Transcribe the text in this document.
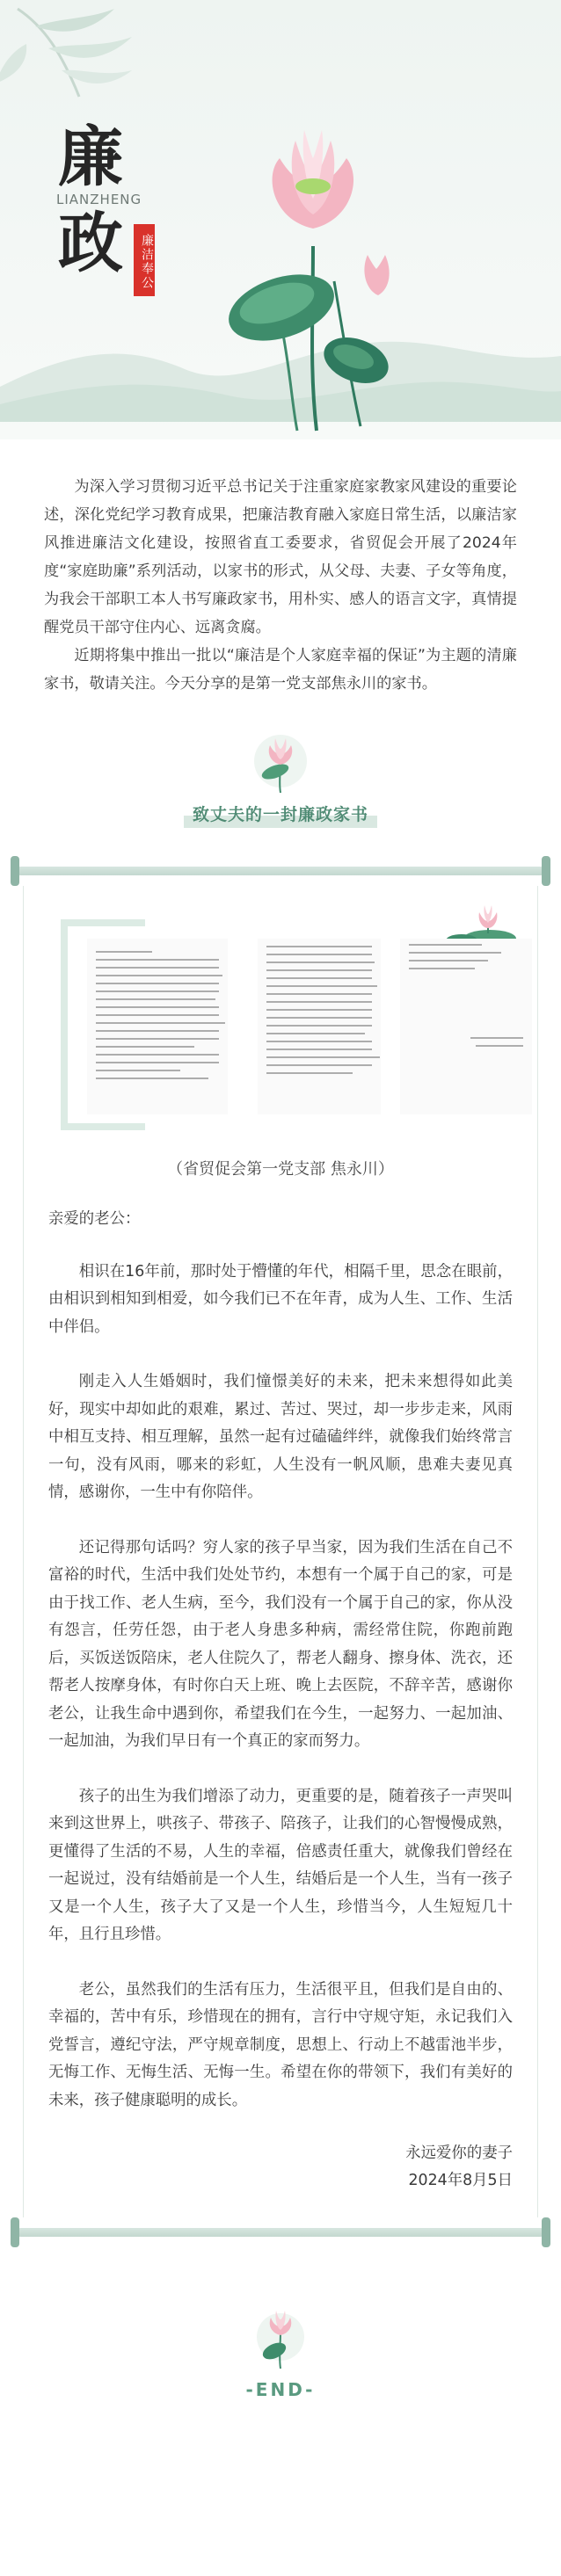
廉
LIANZHENG
政	廉洁奉公

为深入学习贯彻习近平总书记关于注重家庭家教家风建设的重要论述，深化党纪学习教育成果，把廉洁教育融入家庭日常生活，以廉洁家风推进廉洁文化建设，按照省直工委要求，省贸促会开展了2024年度“家庭助廉”系列活动，以家书的形式，从父母、夫妻、子女等角度，为我会干部职工本人书写廉政家书，用朴实、感人的语言文字，真情提醒党员干部守住内心、远离贪腐。

近期将集中推出一批以“廉洁是个人家庭幸福的保证”为主题的清廉家书，敬请关注。今天分享的是第一党支部焦永川的家书。

致丈夫的一封廉政家书
（省贸促会第一党支部 焦永川）
亲爱的老公：

相识在16年前，那时处于懵懂的年代，相隔千里，思念在眼前，由相识到相知到相爱，如今我们已不在年青，成为人生、工作、生活中伴侣。

刚走入人生婚姻时，我们憧憬美好的未来，把未来想得如此美好，现实中却如此的艰难，累过、苦过、哭过，却一步步走来，风雨中相互支持、相互理解，虽然一起有过磕磕绊绊，就像我们始终常言一句，没有风雨，哪来的彩虹，人生没有一帆风顺，患难夫妻见真情，感谢你，一生中有你陪伴。

还记得那句话吗？穷人家的孩子早当家，因为我们生活在自己不富裕的时代，生活中我们处处节约，本想有一个属于自己的家，可是由于找工作、老人生病，至今，我们没有一个属于自己的家，你从没有怨言，任劳任怨，由于老人身患多种病，需经常住院，你跑前跑后，买饭送饭陪床，老人住院久了，帮老人翻身、擦身体、洗衣，还帮老人按摩身体，有时你白天上班、晚上去医院，不辞辛苦，感谢你老公，让我生命中遇到你，希望我们在今生，一起努力、一起加油、一起加油，为我们早日有一个真正的家而努力。

孩子的出生为我们增添了动力，更重要的是，随着孩子一声哭叫来到这世界上，哄孩子、带孩子、陪孩子，让我们的心智慢慢成熟，更懂得了生活的不易，人生的幸福，倍感责任重大，就像我们曾经在一起说过，没有结婚前是一个人生，结婚后是一个人生，当有一孩子又是一个人生，孩子大了又是一个人生，珍惜当今，人生短短几十年，且行且珍惜。

老公，虽然我们的生活有压力，生活很平且，但我们是自由的、幸福的，苦中有乐，珍惜现在的拥有，言行中守规守矩，永记我们入党誓言，遵纪守法，严守规章制度，思想上、行动上不越雷池半步，无悔工作、无悔生活、无悔一生。希望在你的带领下，我们有美好的未来，孩子健康聪明的成长。

永远爱你的妻子
2024年8月5日
-END-
